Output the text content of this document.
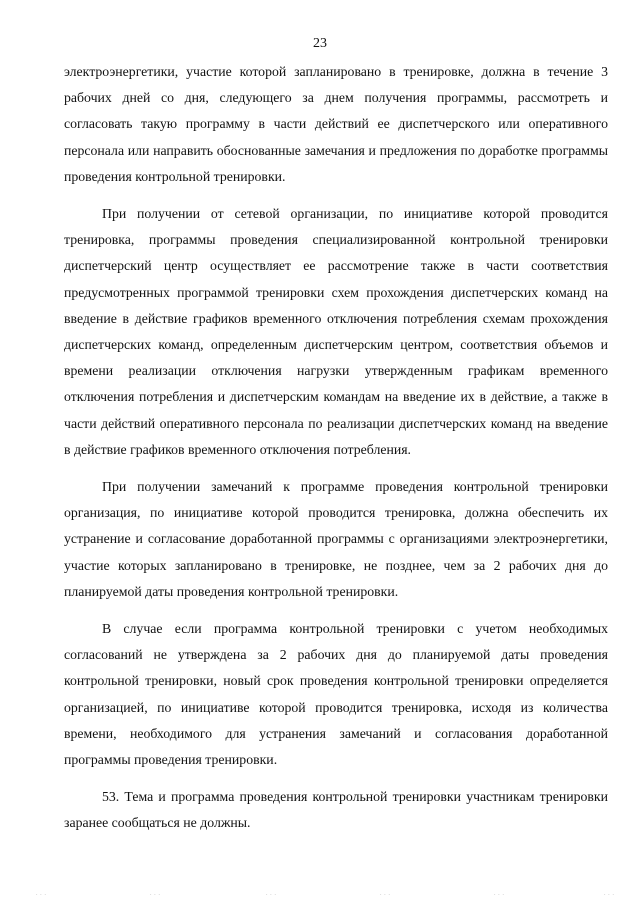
23

электроэнергетики, участие которой запланировано в тренировке, должна в течение 3 рабочих дней со дня, следующего за днем получения программы, рассмотреть и согласовать такую программу в части действий ее диспетчерского или оперативного персонала или направить обоснованные замечания и предложения по доработке программы проведения контрольной тренировки.

При получении от сетевой организации, по инициативе которой проводится тренировка, программы проведения специализированной контрольной тренировки диспетчерский центр осуществляет ее рассмотрение также в части соответствия предусмотренных программой тренировки схем прохождения диспетчерских команд на введение в действие графиков временного отключения потребления схемам прохождения диспетчерских команд, определенным диспетчерским центром, соответствия объемов и времени реализации отключения нагрузки утвержденным графикам временного отключения потребления и диспетчерским командам на введение их в действие, а также в части действий оперативного персонала по реализации диспетчерских команд на введение в действие графиков временного отключения потребления.

При получении замечаний к программе проведения контрольной тренировки организация, по инициативе которой проводится тренировка, должна обеспечить их устранение и согласование доработанной программы с организациями электроэнергетики, участие которых запланировано в тренировке, не позднее, чем за 2 рабочих дня до планируемой даты проведения контрольной тренировки.

В случае если программа контрольной тренировки с учетом необходимых согласований не утверждена за 2 рабочих дня до планируемой даты проведения контрольной тренировки, новый срок проведения контрольной тренировки определяется организацией, по инициативе которой проводится тренировка, исходя из количества времени, необходимого для устранения замечаний и согласования доработанной программы проведения тренировки.

53. Тема и программа проведения контрольной тренировки участникам тренировки заранее сообщаться не должны.

· · ·	· · ·	· · ·	· · ·	· · ·	· · ·
